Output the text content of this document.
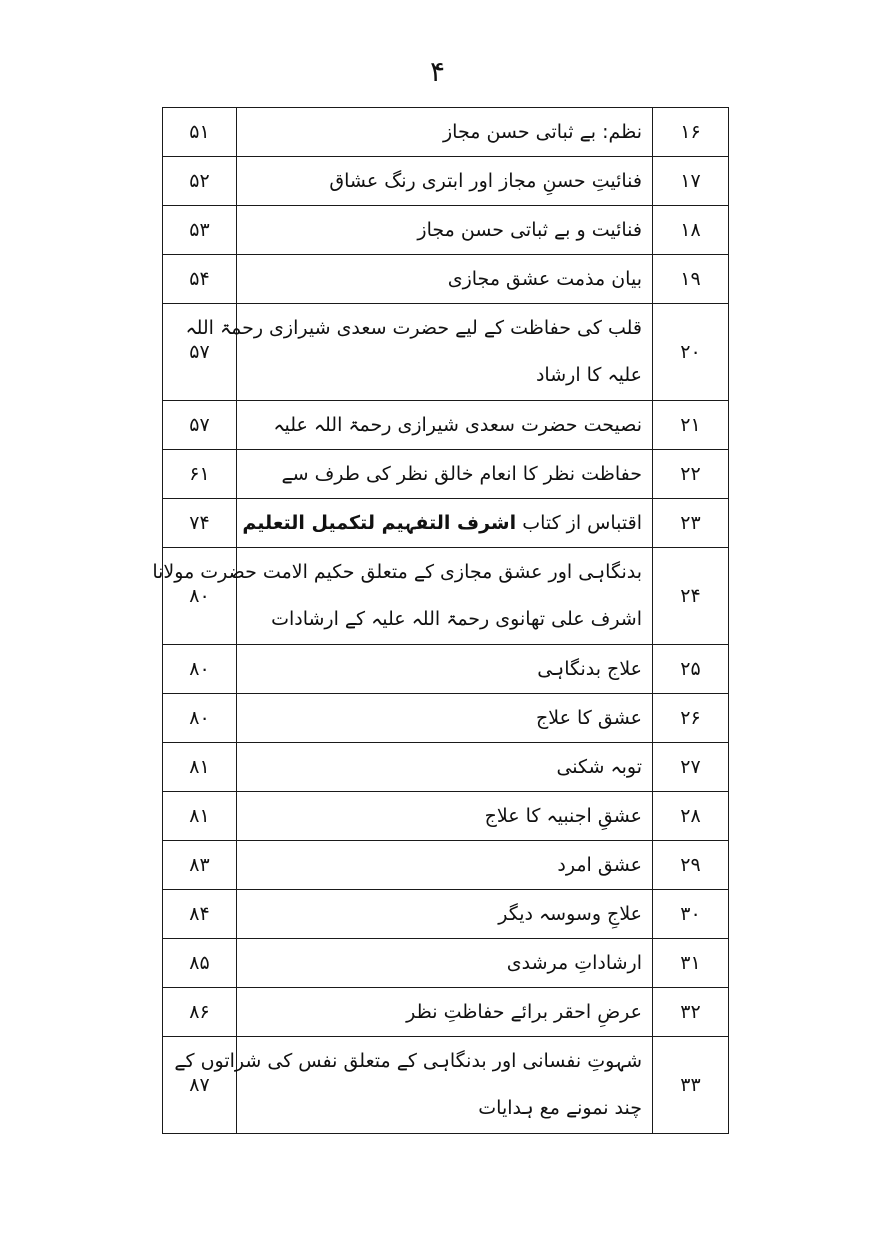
۴
۱۶	نظم: بے ثباتی حسن مجاز	۵۱
۱۷	فنائیتِ حسنِ مجاز اور ابتری رنگ عشاق	۵۲
۱۸	فنائیت و بے ثباتی حسن مجاز	۵۳
۱۹	بیان مذمت عشق مجازی	۵۴
۲۰	قلب کی حفاظت کے لیے حضرت سعدی شیرازی رحمۃ اللہ
علیہ کا ارشاد	۵۷
۲۱	نصیحت حضرت سعدی شیرازی رحمۃ اللہ علیہ	۵۷
۲۲	حفاظت نظر کا انعام خالق نظر کی طرف سے	۶۱
۲۳	اقتباس از کتاب اشرف التفہیم لتکمیل التعلیم	۷۴
۲۴	بدنگاہی اور عشق مجازی کے متعلق حکیم الامت حضرت مولانا
اشرف علی تھانوی رحمۃ اللہ علیہ کے ارشادات	۸۰
۲۵	علاج بدنگاہی	۸۰
۲۶	عشق کا علاج	۸۰
۲۷	توبہ شکنی	۸۱
۲۸	عشقِ اجنبیہ کا علاج	۸۱
۲۹	عشق امرد	۸۳
۳۰	علاجِ وسوسہ دیگر	۸۴
۳۱	ارشاداتِ مرشدی	۸۵
۳۲	عرضِ احقر برائے حفاظتِ نظر	۸۶
۳۳	شہوتِ نفسانی اور بدنگاہی کے متعلق نفس کی شراتوں کے
چند نمونے مع ہدایات	۸۷
